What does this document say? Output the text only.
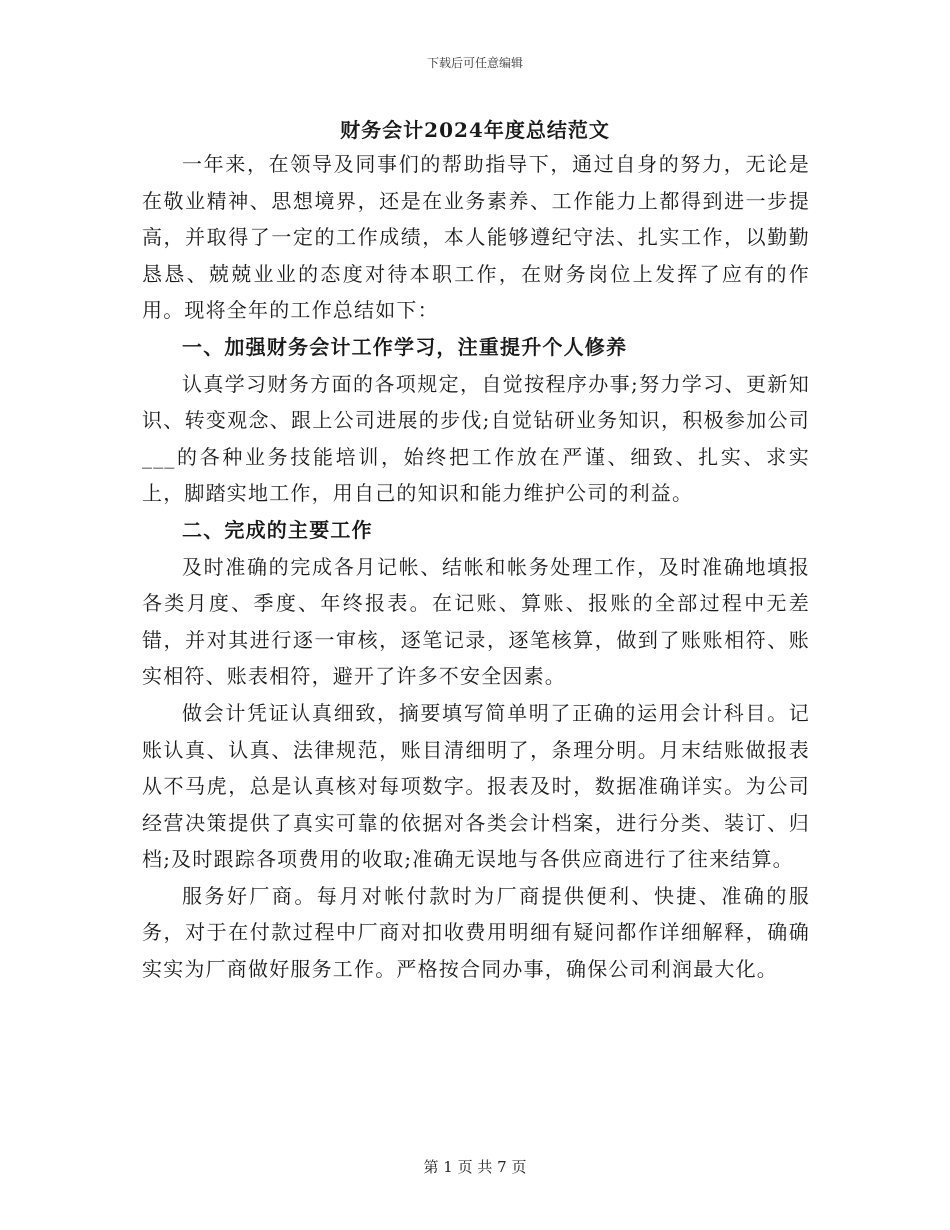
下载后可任意编辑
财务会计2024年度总结范文

一年来，在领导及同事们的帮助指导下，通过自身的努力，无论是在敬业精神、思想境界，还是在业务素养、工作能力上都得到进一步提高，并取得了一定的工作成绩，本人能够遵纪守法、扎实工作，以勤勤恳恳、兢兢业业的态度对待本职工作，在财务岗位上发挥了应有的作用。现将全年的工作总结如下：

一、加强财务会计工作学习，注重提升个人修养

认真学习财务方面的各项规定，自觉按程序办事;努力学习、更新知识、转变观念、跟上公司进展的步伐;自觉钻研业务知识，积极参加公司___的各种业务技能培训，始终把工作放在严谨、细致、扎实、求实上，脚踏实地工作，用自己的知识和能力维护公司的利益。

二、完成的主要工作

及时准确的完成各月记帐、结帐和帐务处理工作，及时准确地填报各类月度、季度、年终报表。在记账、算账、报账的全部过程中无差错，并对其进行逐一审核，逐笔记录，逐笔核算，做到了账账相符、账实相符、账表相符，避开了许多不安全因素。

做会计凭证认真细致，摘要填写简单明了正确的运用会计科目。记账认真、认真、法律规范，账目清细明了，条理分明。月末结账做报表从不马虎，总是认真核对每项数字。报表及时，数据准确详实。为公司经营决策提供了真实可靠的依据对各类会计档案，进行分类、装订、归档;及时跟踪各项费用的收取;准确无误地与各供应商进行了往来结算。

服务好厂商。每月对帐付款时为厂商提供便利、快捷、准确的服务，对于在付款过程中厂商对扣收费用明细有疑问都作详细解释，确确实实为厂商做好服务工作。严格按合同办事，确保公司利润最大化。

第 1 页 共 7 页
